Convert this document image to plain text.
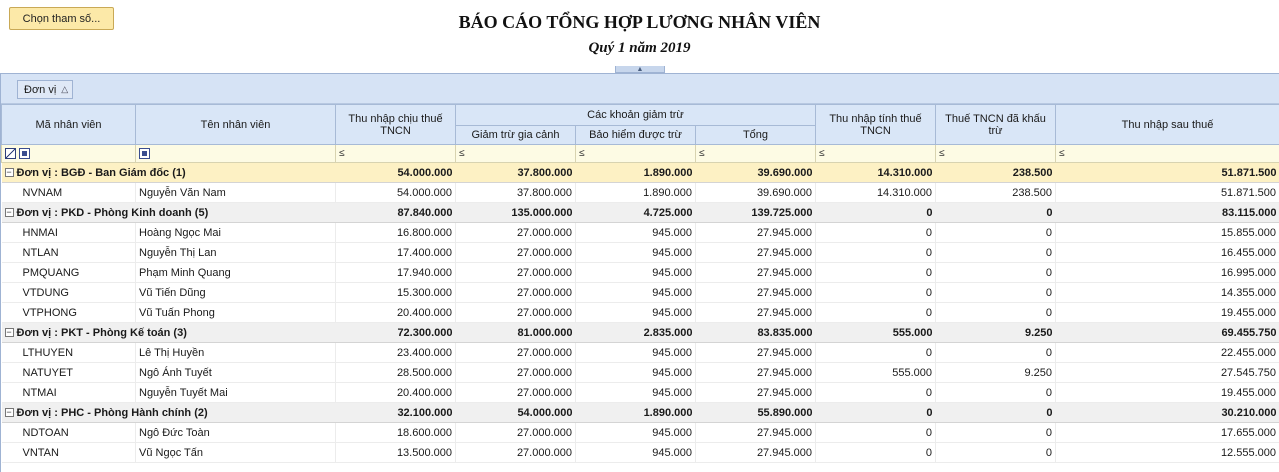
Chọn tham số...	BÁO CÁO TỔNG HỢP LƯƠNG NHÂN VIÊN
Quý 1 năm 2019
▲
Đơn vị △
Mã nhân viên	Tên nhân viên	Thu nhập chịu thuế TNCN	Các khoản giảm trừ			Thu nhập tính thuế TNCN	Thuế TNCN đã khấu trừ	Thu nhập sau thuế
			Giảm trừ gia cảnh	Bảo hiểm được trừ	Tổng			
		≤	≤	≤	≤	≤	≤	≤
− Đơn vị : BGĐ - Ban Giám đốc (1)		54.000.000	37.800.000	1.890.000	39.690.000	14.310.000	238.500	51.871.500
NVNAM	Nguyễn Văn Nam	54.000.000	37.800.000	1.890.000	39.690.000	14.310.000	238.500	51.871.500
− Đơn vị : PKD - Phòng Kinh doanh (5)		87.840.000	135.000.000	4.725.000	139.725.000	0	0	83.115.000
HNMAI	Hoàng Ngọc Mai	16.800.000	27.000.000	945.000	27.945.000	0	0	15.855.000
NTLAN	Nguyễn Thị Lan	17.400.000	27.000.000	945.000	27.945.000	0	0	16.455.000
PMQUANG	Phạm Minh Quang	17.940.000	27.000.000	945.000	27.945.000	0	0	16.995.000
VTDUNG	Vũ Tiến Dũng	15.300.000	27.000.000	945.000	27.945.000	0	0	14.355.000
VTPHONG	Vũ Tuấn Phong	20.400.000	27.000.000	945.000	27.945.000	0	0	19.455.000
− Đơn vị : PKT - Phòng Kế toán (3)		72.300.000	81.000.000	2.835.000	83.835.000	555.000	9.250	69.455.750
LTHUYEN	Lê Thị Huyền	23.400.000	27.000.000	945.000	27.945.000	0	0	22.455.000
NATUYET	Ngô Ánh Tuyết	28.500.000	27.000.000	945.000	27.945.000	555.000	9.250	27.545.750
NTMAI	Nguyễn Tuyết Mai	20.400.000	27.000.000	945.000	27.945.000	0	0	19.455.000
− Đơn vị : PHC - Phòng Hành chính (2)		32.100.000	54.000.000	1.890.000	55.890.000	0	0	30.210.000
NDTOAN	Ngô Đức Toàn	18.600.000	27.000.000	945.000	27.945.000	0	0	17.655.000
VNTAN	Vũ Ngọc Tấn	13.500.000	27.000.000	945.000	27.945.000	0	0	12.555.000
